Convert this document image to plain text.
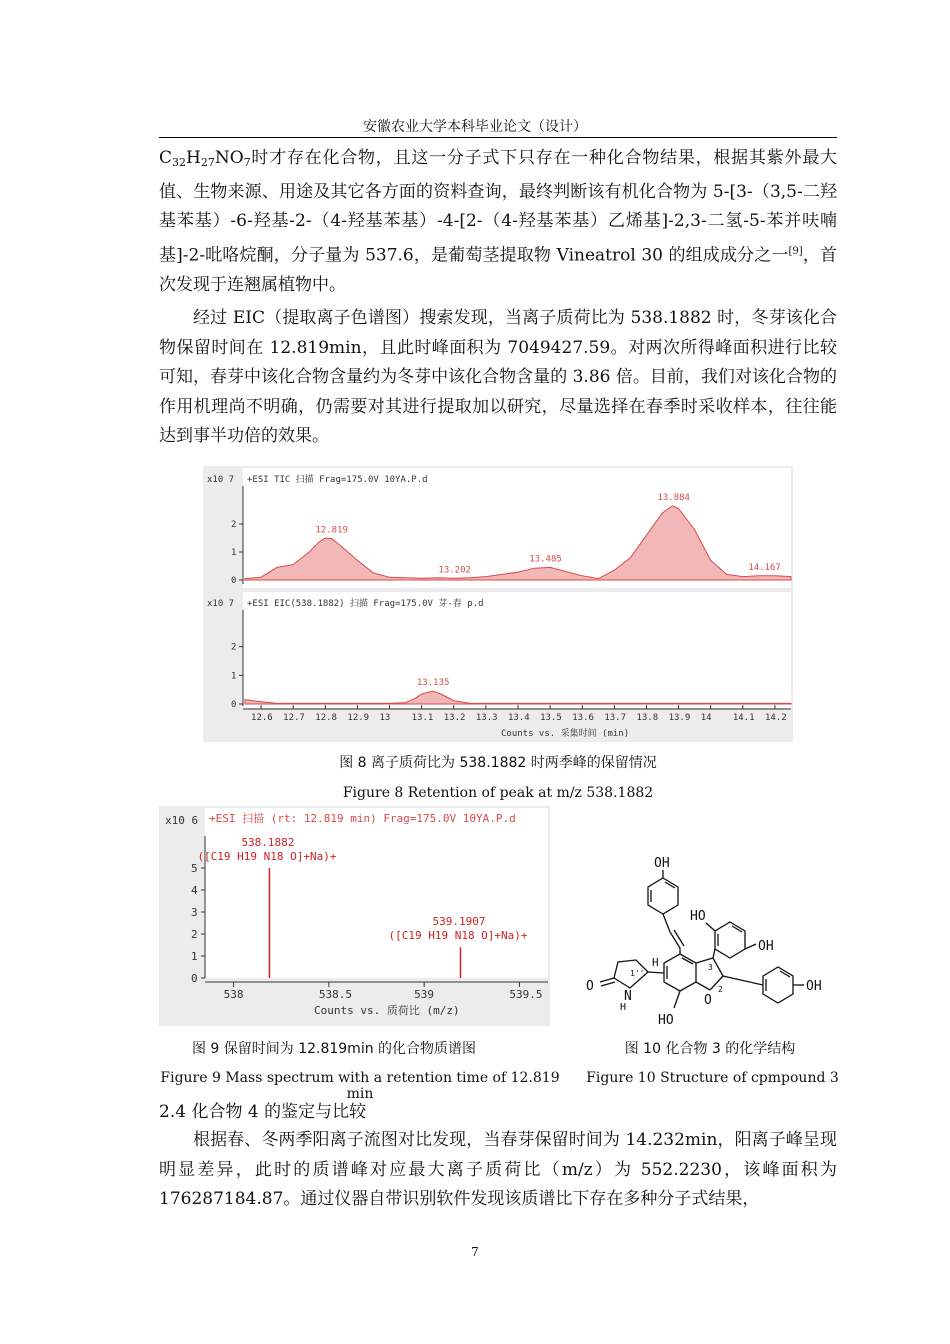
安徽农业大学本科毕业论文（设计）

$C_{32}H_{27}NO_7$时才存在化合物，且这一分子式下只存在一种化合物结果，根据其紫外最大值、生物来源、用途及其它各方面的资料查询，最终判断该有机化合物为 5-[3-（3,5-二羟基苯基）-6-羟基-2-（4-羟基苯基）-4-[2-（4-羟基苯基）乙烯基]-2,3-二氢-5-苯并呋喃基]-2-吡咯烷酮，分子量为 537.6，是葡萄茎提取物 Vineatrol 30 的组成成分之一[9]，首次发现于连翘属植物中。

经过 EIC（提取离子色谱图）搜索发现，当离子质荷比为 538.1882 时，冬芽该化合物保留时间在 12.819min，且此时峰面积为 7049427.59。对两次所得峰面积进行比较可知，春芽中该化合物含量约为冬芽中该化合物含量的 3.86 倍。目前，我们对该化合物的作用机理尚不明确，仍需要对其进行提取加以研究，尽量选择在春季时采收样本，往往能达到事半功倍的效果。

x10 7 +ESI TIC 扫描 Frag=175.0V 10YA.P.d
0
1
2
12.819
13.202
13.485
13.884
14.167
x10 7 +ESI EIC(538.1882) 扫描 Frag=175.0V 芽-春 p.d
0
1
2
13.135
12.6 12.7 12.8 12.9 13 13.1 13.2 13.3 13.4 13.5 13.6 13.7 13.8 13.9 14 14.1 14.2
Counts vs. 采集时间 (min)
图 8 离子质荷比为 538.1882 时两季峰的保留情况
Figure 8 Retention of peak at m/z 538.1882
x10 6 +ESI 扫描 (rt: 12.819 min) Frag=175.0V 10YA.P.d
0
1
2
3
4
5
538.1882
([C19 H19 N18 O]+Na)+
539.1907
([C19 H19 N18 O]+Na)+
538	538.5	539	539.5
Counts vs. 质荷比 (m/z)
OH
HO
OH
OH
HO
O
O
N
H
H
1''
2
3
图 9 保留时间为 12.819min 的化合物质谱图	图 10 化合物 3 的化学结构
Figure 9 Mass spectrum with a retention time of 12.819 min
Figure 10 Structure of cpmpound 3
2.4 化合物 4 的鉴定与比较

根据春、冬两季阳离子流图对比发现，当春芽保留时间为 14.232min，阳离子峰呈现明显差异，此时的质谱峰对应最大离子质荷比（m/z）为 552.2230，该峰面积为 176287184.87。通过仪器自带识别软件发现该质谱比下存在多种分子式结果，

7
